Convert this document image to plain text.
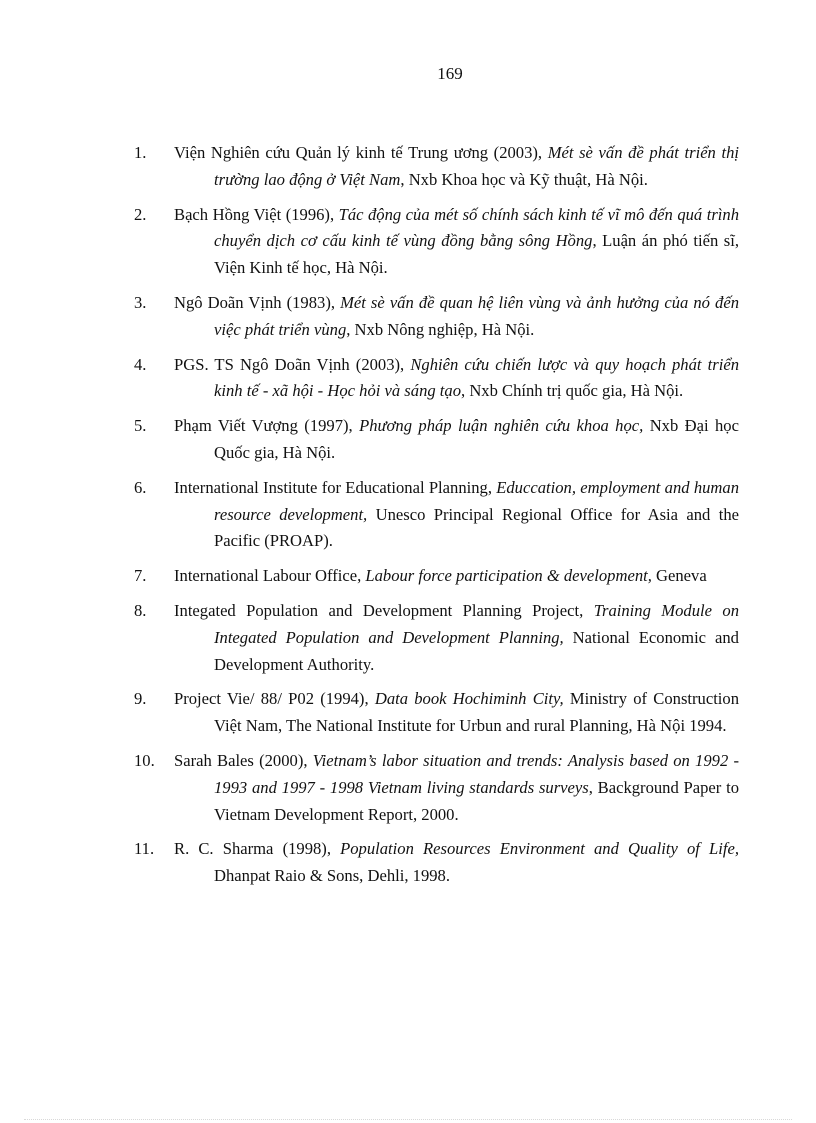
169
1.	Viện Nghiên cứu Quản lý kinh tế Trung ương (2003), Mét sè vấn đề phát triển thị trường lao động ở Việt Nam, Nxb Khoa học và Kỹ thuật, Hà Nội.
2.	Bạch Hồng Việt (1996), Tác động của mét số chính sách kinh tế vĩ mô đến quá trình chuyển dịch cơ cấu kinh tế vùng đồng bằng sông Hồng, Luận án phó tiến sĩ, Viện Kinh tế học, Hà Nội.
3.	Ngô Doãn Vịnh (1983), Mét sè vấn đề quan hệ liên vùng và ảnh hưởng của nó đến việc phát triển vùng, Nxb Nông nghiệp, Hà Nội.
4.	PGS. TS Ngô Doãn Vịnh (2003), Nghiên cứu chiến lược và quy hoạch phát triển kinh tế - xã hội - Học hỏi và sáng tạo, Nxb Chính trị quốc gia, Hà Nội.
5.	Phạm Viết Vượng (1997), Phương pháp luận nghiên cứu khoa học, Nxb Đại học Quốc gia, Hà Nội.
6.	International Institute for Educational Planning, Educcation, employment and human resource development, Unesco Principal Regional Office for Asia and the Pacific (PROAP).
7.	International Labour Office, Labour force participation & development, Geneva
8.	Integated Population and Development Planning Project, Training Module on Integated Population and Development Planning, National Economic and Development Authority.
9.	Project Vie/ 88/ P02 (1994), Data book Hochiminh City, Ministry of Construction Việt Nam, The National Institute for Urbun and rural Planning, Hà Nội 1994.
10.	Sarah Bales (2000), Vietnam’s labor situation and trends: Analysis based on 1992 - 1993 and 1997 - 1998 Vietnam living standards surveys, Background Paper to Vietnam Development Report, 2000.
11.	R. C. Sharma (1998), Population Resources Environment and Quality of Life, Dhanpat Raio & Sons, Dehli, 1998.
